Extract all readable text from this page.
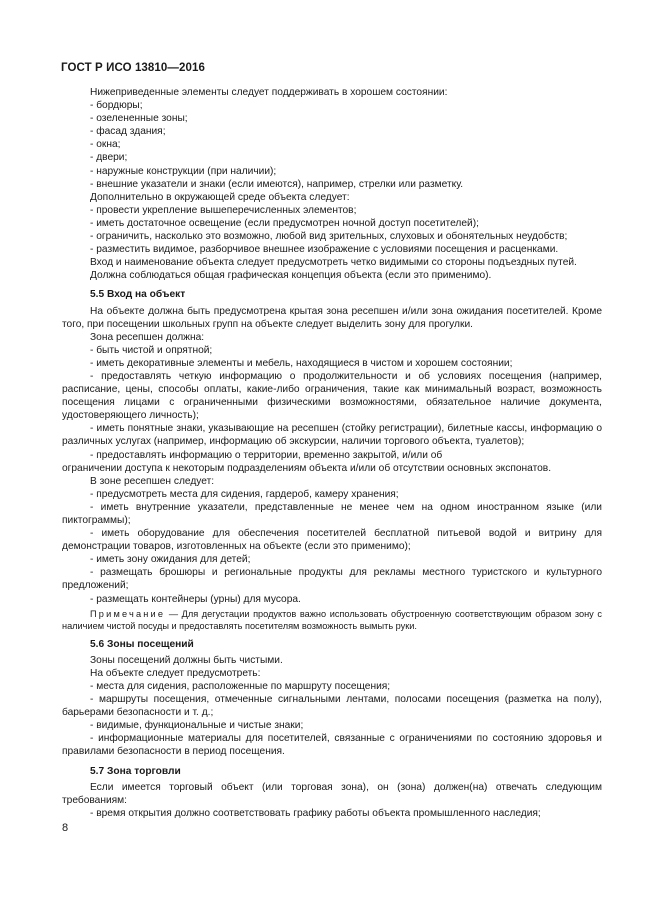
ГОСТ Р ИСО 13810—2016

Нижеприведенные элементы следует поддерживать в хорошем состоянии:

- бордюры;

- озелененные зоны;

- фасад здания;

- окна;

- двери;

- наружные конструкции (при наличии);

- внешние указатели и знаки (если имеются), например, стрелки или разметку.

Дополнительно в окружающей среде объекта следует:

- провести укрепление вышеперечисленных элементов;

- иметь достаточное освещение (если предусмотрен ночной доступ посетителей);

- ограничить, насколько это возможно, любой вид зрительных, слуховых и обонятельных неудобств;

- разместить видимое, разборчивое внешнее изображение с условиями посещения и расценками.

Вход и наименование объекта следует предусмотреть четко видимыми со стороны подъездных путей.

Должна соблюдаться общая графическая концепция объекта (если это применимо).

5.5 Вход на объект

На объекте должна быть предусмотрена крытая зона ресепшен и/или зона ожидания посетителей. Кроме того, при посещении школьных групп на объекте следует выделить зону для прогулки.

Зона ресепшен должна:

- быть чистой и опрятной;

- иметь декоративные элементы и мебель, находящиеся в чистом и хорошем состоянии;

- предоставлять четкую информацию о продолжительности и об условиях посещения (например, расписание, цены, способы оплаты, какие-либо ограничения, такие как минимальный возраст, возможность посещения лицами с ограниченными физическими возможностями, обязательное наличие документа, удостоверяющего личность);

- иметь понятные знаки, указывающие на ресепшен (стойку регистрации), билетные кассы, информацию о различных услугах (например, информацию об экскурсии, наличии торгового объекта, туалетов);

- предоставлять информацию о территории, временно закрытой, и/или об

ограничении доступа к некоторым подразделениям объекта и/или об отсутствии основных экспонатов.

В зоне ресепшен следует:

- предусмотреть места для сидения, гардероб, камеру хранения;

- иметь внутренние указатели, представленные не менее чем на одном иностранном языке (или пиктограммы);

- иметь оборудование для обеспечения посетителей бесплатной питьевой водой и витрину для демонстрации товаров, изготовленных на объекте (если это применимо);

- иметь зону ожидания для детей;

- размещать брошюры и региональные продукты для рекламы местного туристского и культурного предложений;

- размещать контейнеры (урны) для мусора.

Примечание — Для дегустации продуктов важно использовать обустроенную соответствующим образом зону с наличием чистой посуды и предоставлять посетителям возможность вымыть руки.

5.6 Зоны посещений

Зоны посещений должны быть чистыми.

На объекте следует предусмотреть:

- места для сидения, расположенные по маршруту посещения;

- маршруты посещения, отмеченные сигнальными лентами, полосами посещения (разметка на полу), барьерами безопасности и т. д.;

- видимые, функциональные и чистые знаки;

- информационные материалы для посетителей, связанные с ограничениями по состоянию здоровья и правилами безопасности в период посещения.

5.7 Зона торговли

Если имеется торговый объект (или торговая зона), он (зона) должен(на) отвечать следующим требованиям:

- время открытия должно соответствовать графику работы объекта промышленного наследия;

8
